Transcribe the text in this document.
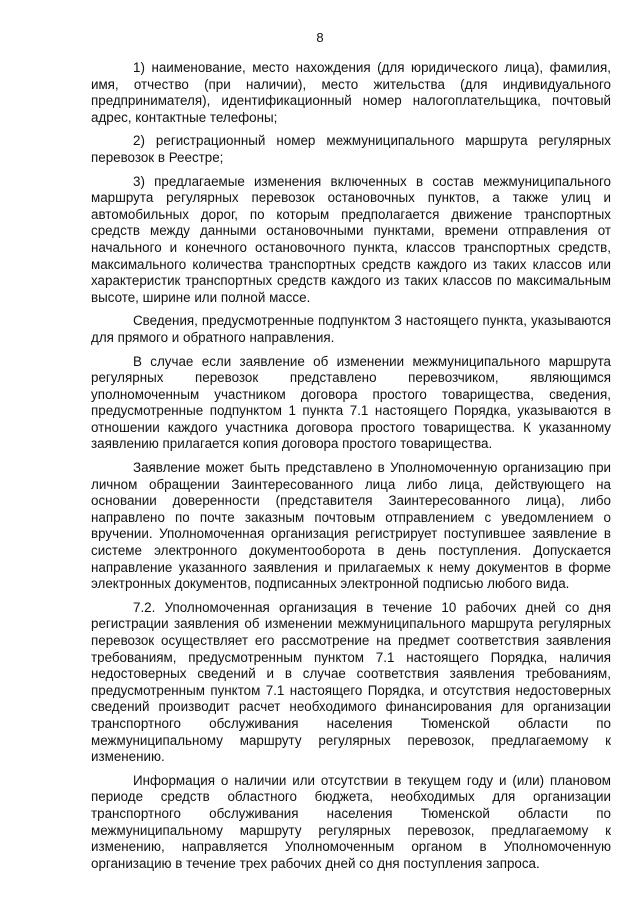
8

1) наименование, место нахождения (для юридического лица), фамилия, имя, отчество (при наличии), место жительства (для индивидуального предпринимателя), идентификационный номер налогоплательщика, почтовый адрес, контактные телефоны;

2) регистрационный номер межмуниципального маршрута регулярных перевозок в Реестре;

3) предлагаемые изменения включенных в состав межмуниципального маршрута регулярных перевозок остановочных пунктов, а также улиц и автомобильных дорог, по которым предполагается движение транспортных средств между данными остановочными пунктами, времени отправления от начального и конечного остановочного пункта, классов транспортных средств, максимального количества транспортных средств каждого из таких классов или характеристик транспортных средств каждого из таких классов по максимальным высоте, ширине или полной массе.

Сведения, предусмотренные подпунктом 3 настоящего пункта, указываются для прямого и обратного направления.

В случае если заявление об изменении межмуниципального маршрута регулярных перевозок представлено перевозчиком, являющимся уполномоченным участником договора простого товарищества, сведения, предусмотренные подпунктом 1 пункта 7.1 настоящего Порядка, указываются в отношении каждого участника договора простого товарищества. К указанному заявлению прилагается копия договора простого товарищества.

Заявление может быть представлено в Уполномоченную организацию при личном обращении Заинтересованного лица либо лица, действующего на основании доверенности (представителя Заинтересованного лица), либо направлено по почте заказным почтовым отправлением с уведомлением о вручении. Уполномоченная организация регистрирует поступившее заявление в системе электронного документооборота в день поступления. Допускается направление указанного заявления и прилагаемых к нему документов в форме электронных документов, подписанных электронной подписью любого вида.

7.2. Уполномоченная организация в течение 10 рабочих дней со дня регистрации заявления об изменении межмуниципального маршрута регулярных перевозок осуществляет его рассмотрение на предмет соответствия заявления требованиям, предусмотренным пунктом 7.1 настоящего Порядка, наличия недостоверных сведений и в случае соответствия заявления требованиям, предусмотренным пунктом 7.1 настоящего Порядка, и отсутствия недостоверных сведений производит расчет необходимого финансирования для организации транспортного обслуживания населения Тюменской области по межмуниципальному маршруту регулярных перевозок, предлагаемому к изменению.

Информация о наличии или отсутствии в текущем году и (или) плановом периоде средств областного бюджета, необходимых для организации транспортного обслуживания населения Тюменской области по межмуниципальному маршруту регулярных перевозок, предлагаемому к изменению, направляется Уполномоченным органом в Уполномоченную организацию в течение трех рабочих дней со дня поступления запроса.
